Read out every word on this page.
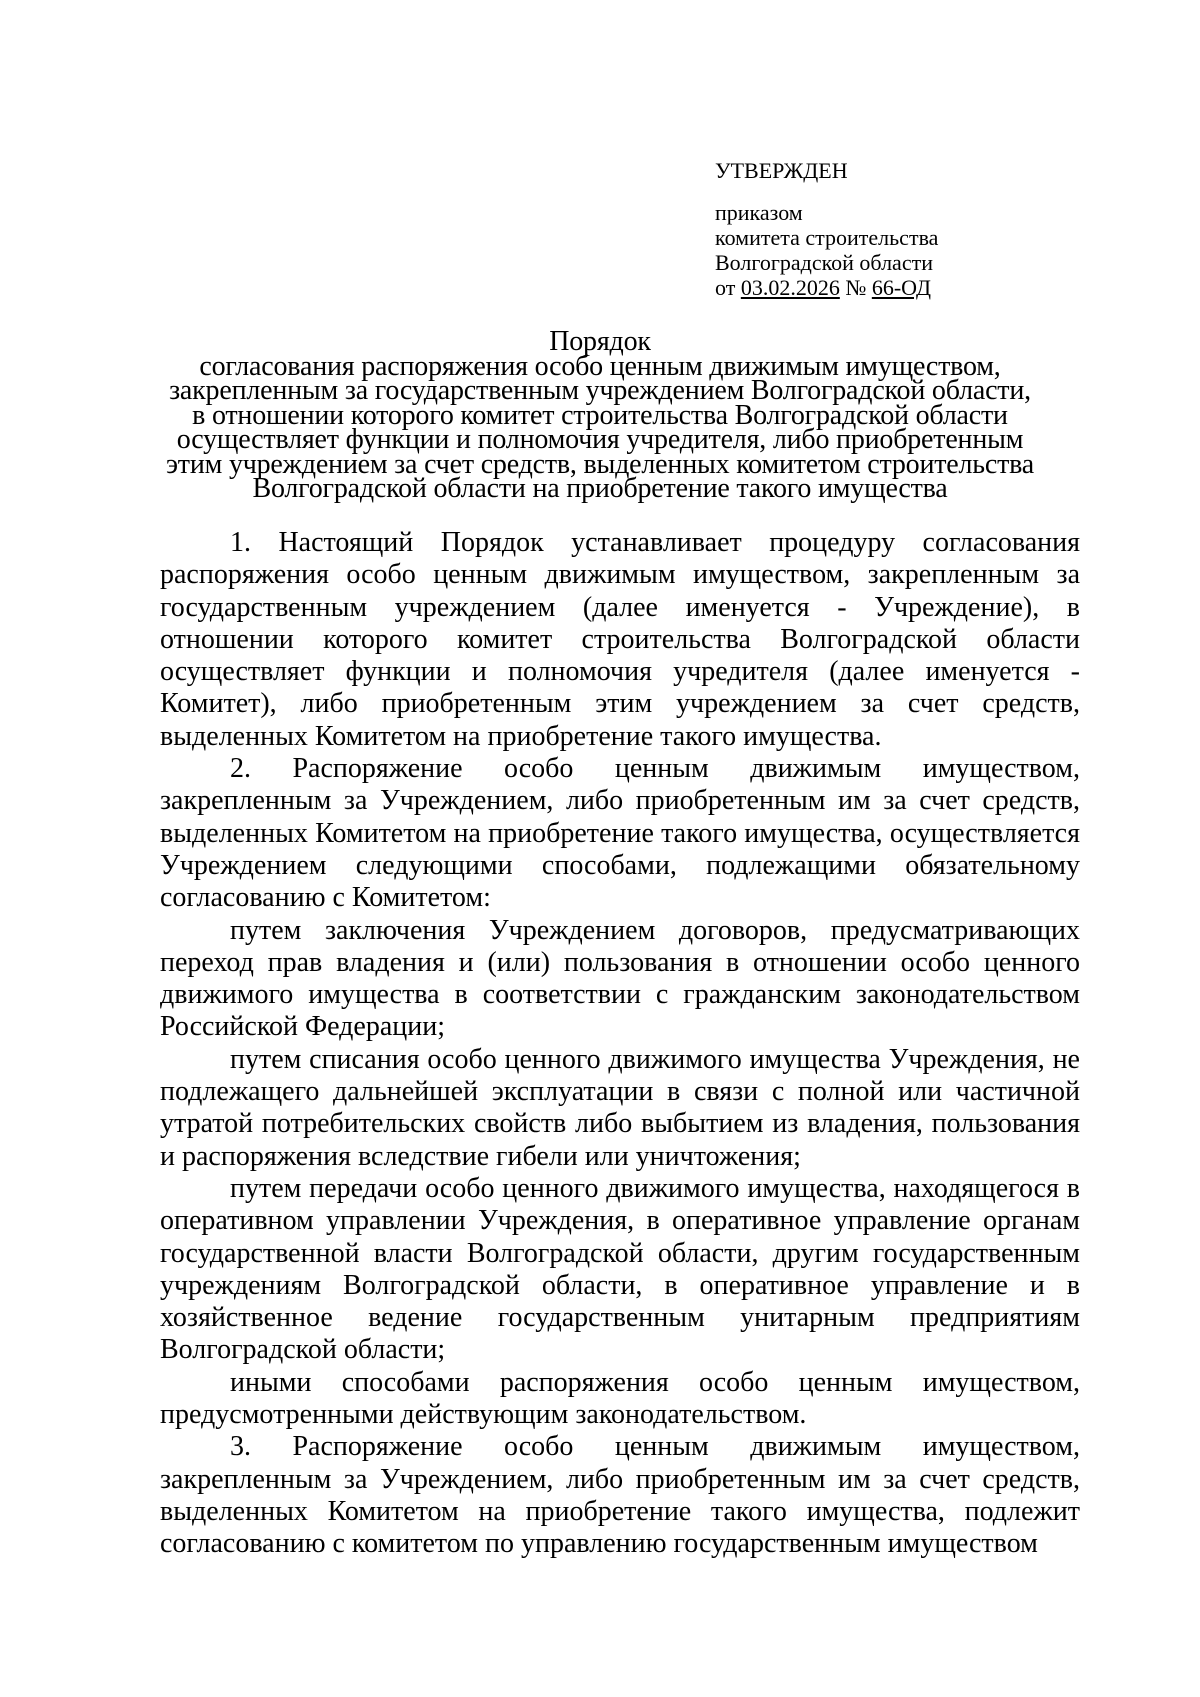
УТВЕРЖДЕН
приказом
комитета строительства
Волгоградской области
от 03.02.2026 № 66-ОД
Порядок
согласования распоряжения особо ценным движимым имуществом,
закрепленным за государственным учреждением Волгоградской области,
в отношении которого комитет строительства Волгоградской области
осуществляет функции и полномочия учредителя, либо приобретенным
этим учреждением за счет средств, выделенных комитетом строительства
Волгоградской области на приобретение такого имущества

1. Настоящий Порядок устанавливает процедуру согласования распоряжения особо ценным движимым имуществом, закрепленным за государственным учреждением (далее именуется - Учреждение), в отношении которого комитет строительства Волгоградской области осуществляет функции и полномочия учредителя (далее именуется - Комитет), либо приобретенным этим учреждением за счет средств, выделенных Комитетом на приобретение такого имущества.

2. Распоряжение особо ценным движимым имуществом, закрепленным за Учреждением, либо приобретенным им за счет средств, выделенных Комитетом на приобретение такого имущества, осуществляется Учреждением следующими способами, подлежащими обязательному согласованию с Комитетом:

путем заключения Учреждением договоров, предусматривающих переход прав владения и (или) пользования в отношении особо ценного движимого имущества в соответствии с гражданским законодательством Российской Федерации;

путем списания особо ценного движимого имущества Учреждения, не подлежащего дальнейшей эксплуатации в связи с полной или частичной утратой потребительских свойств либо выбытием из владения, пользования и распоряжения вследствие гибели или уничтожения;

путем передачи особо ценного движимого имущества, находящегося в оперативном управлении Учреждения, в оперативное управление органам государственной власти Волгоградской области, другим государственным учреждениям Волгоградской области, в оперативное управление и в хозяйственное ведение государственным унитарным предприятиям Волгоградской области;

иными способами распоряжения особо ценным имуществом, предусмотренными действующим законодательством.

3. Распоряжение особо ценным движимым имуществом, закрепленным за Учреждением, либо приобретенным им за счет средств, выделенных Комитетом на приобретение такого имущества, подлежит согласованию с комитетом по управлению государственным имуществом
